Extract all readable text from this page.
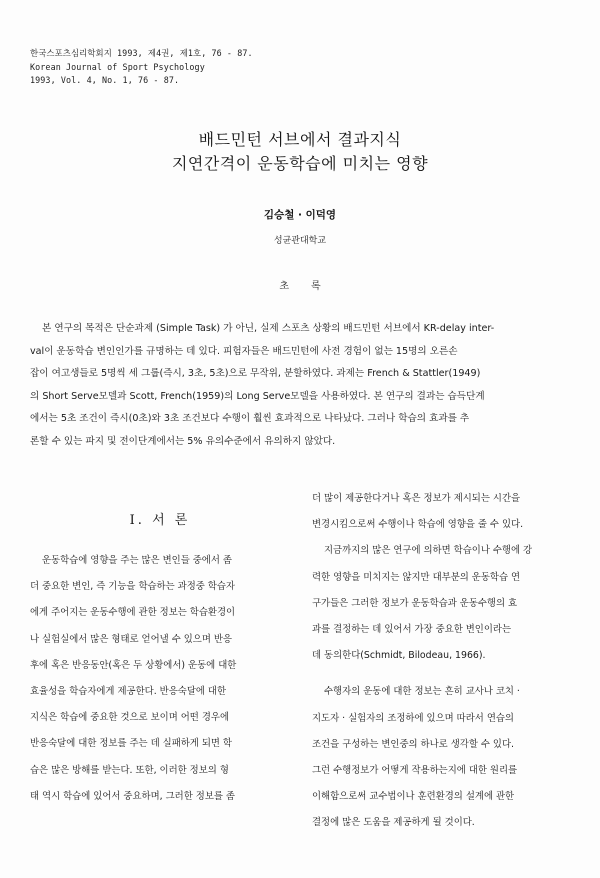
한국스포츠심리학회지 1993, 제4권, 제1호, 76 - 87.
Korean Journal of Sport Psychology
1993, Vol. 4, No. 1, 76 - 87.
배드민턴 서브에서 결과지식
지연간격이 운동학습에 미치는 영향
김승철 · 이덕영
성균관대학교
초록
본 연구의 목적은 단순과제 (Simple Task) 가 아닌, 실제 스포츠 상황의 배드민턴 서브에서 KR-delay inter-
val이 운동학습 변인인가를 규명하는 데 있다. 피험자들은 배드민턴에 사전 경험이 없는 15명의 오른손
잡이 여고생들로 5명씩 세 그룹(즉시, 3초, 5초)으로 무작위, 분할하였다. 과제는 French & Stattler(1949)
의 Short Serve모델과 Scott, French(1959)의 Long Serve모델을 사용하였다. 본 연구의 결과는 습득단계
에서는 5초 조건이 즉시(0초)와 3초 조건보다 수행이 훨씬 효과적으로 나타났다. 그러나 학습의 효과를 추
론할 수 있는 파지 및 전이단계에서는 5% 유의수준에서 유의하지 않았다.
I. 서 론
운동학습에 영향을 주는 많은 변인들 중에서 좀
더 중요한 변인, 즉 기능을 학습하는 과정중 학습자
에게 주어지는 운동수행에 관한 정보는 학습환경이
나 실험실에서 많은 형태로 얻어낼 수 있으며 반응
후에 혹은 반응동안(혹은 두 상황에서) 운동에 대한
효율성을 학습자에게 제공한다. 반응숙달에 대한
지식은 학습에 중요한 것으로 보이며 어떤 경우에
반응숙달에 대한 정보를 주는 데 실패하게 되면 학
습은 많은 방해를 받는다. 또한, 이러한 정보의 형
태 역시 학습에 있어서 중요하며, 그러한 정보를 좀
더 많이 제공한다거나 혹은 정보가 제시되는 시간을
변경시킴으로써 수행이나 학습에 영향을 줄 수 있다.
지금까지의 많은 연구에 의하면 학습이나 수행에 강
력한 영향을 미치지는 않지만 대부분의 운동학습 연
구가들은 그러한 정보가 운동학습과 운동수행의 효
과를 결정하는 데 있어서 가장 중요한 변인이라는
데 동의한다(Schmidt, Bilodeau, 1966).
수행자의 운동에 대한 정보는 흔히 교사나 코치 ·
지도자 · 실험자의 조정하에 있으며 따라서 연습의
조건을 구성하는 변인중의 하나로 생각할 수 있다.
그런 수행정보가 어떻게 작용하는지에 대한 원리를
이해함으로써 교수법이나 훈련환경의 설계에 관한
결정에 많은 도움을 제공하게 될 것이다.
